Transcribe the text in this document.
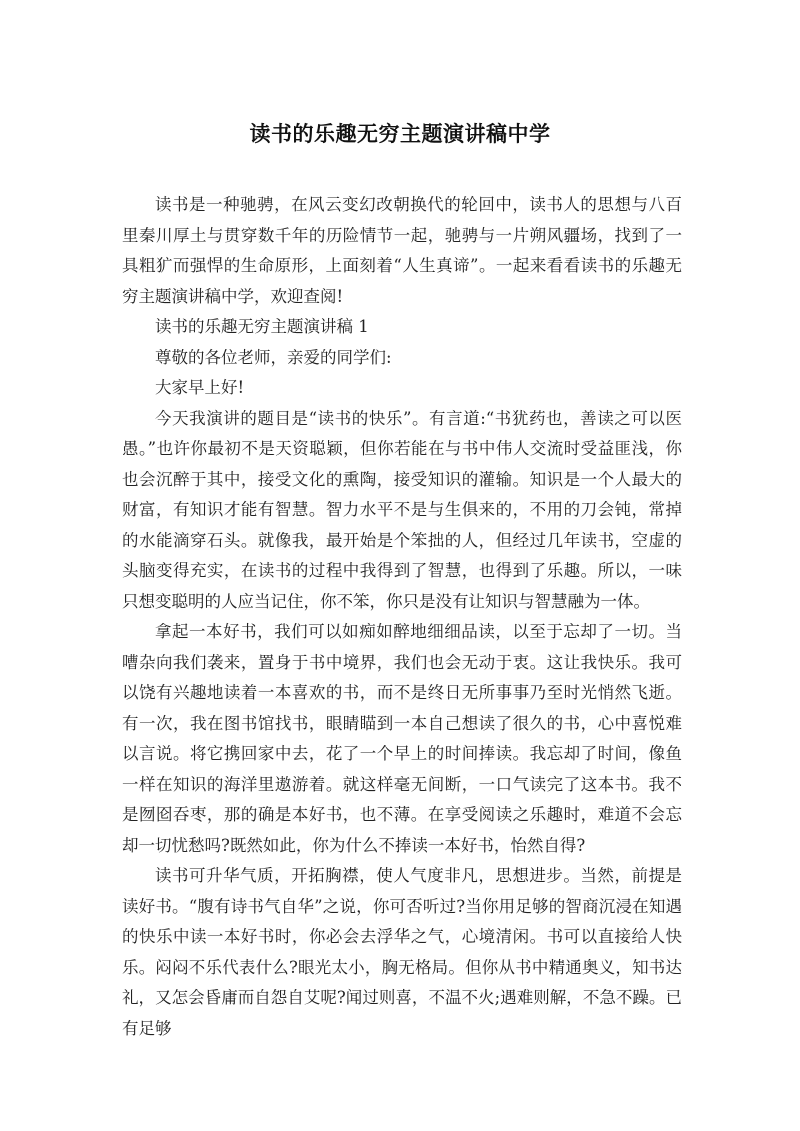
读书的乐趣无穷主题演讲稿中学

读书是一种驰骋，在风云变幻改朝换代的轮回中，读书人的思想与八百里秦川厚土与贯穿数千年的历险情节一起，驰骋与一片朔风疆场，找到了一具粗犷而强悍的生命原形，上面刻着“人生真谛”。一起来看看读书的乐趣无穷主题演讲稿中学，欢迎查阅!

读书的乐趣无穷主题演讲稿 1

尊敬的各位老师，亲爱的同学们:

大家早上好!

今天我演讲的题目是“读书的快乐”。有言道:“书犹药也，善读之可以医愚。”也许你最初不是天资聪颖，但你若能在与书中伟人交流时受益匪浅，你也会沉醉于其中，接受文化的熏陶，接受知识的灌输。知识是一个人最大的财富，有知识才能有智慧。智力水平不是与生俱来的，不用的刀会钝，常掉的水能滴穿石头。就像我，最开始是个笨拙的人，但经过几年读书，空虚的头脑变得充实，在读书的过程中我得到了智慧，也得到了乐趣。所以，一味只想变聪明的人应当记住，你不笨，你只是没有让知识与智慧融为一体。

拿起一本好书，我们可以如痴如醉地细细品读，以至于忘却了一切。当嘈杂向我们袭来，置身于书中境界，我们也会无动于衷。这让我快乐。我可以饶有兴趣地读着一本喜欢的书，而不是终日无所事事乃至时光悄然飞逝。有一次，我在图书馆找书，眼睛瞄到一本自己想读了很久的书，心中喜悦难以言说。将它携回家中去，花了一个早上的时间捧读。我忘却了时间，像鱼一样在知识的海洋里遨游着。就这样毫无间断，一口气读完了这本书。我不是囫囵吞枣，那的确是本好书，也不薄。在享受阅读之乐趣时，难道不会忘却一切忧愁吗?既然如此，你为什么不捧读一本好书，怡然自得?

读书可升华气质，开拓胸襟，使人气度非凡，思想进步。当然，前提是读好书。“腹有诗书气自华”之说，你可否听过?当你用足够的智商沉浸在知遇的快乐中读一本好书时，你必会去浮华之气，心境清闲。书可以直接给人快乐。闷闷不乐代表什么?眼光太小，胸无格局。但你从书中精通奥义，知书达礼，又怎会昏庸而自怨自艾呢?闻过则喜，不温不火;遇难则解，不急不躁。已有足够
